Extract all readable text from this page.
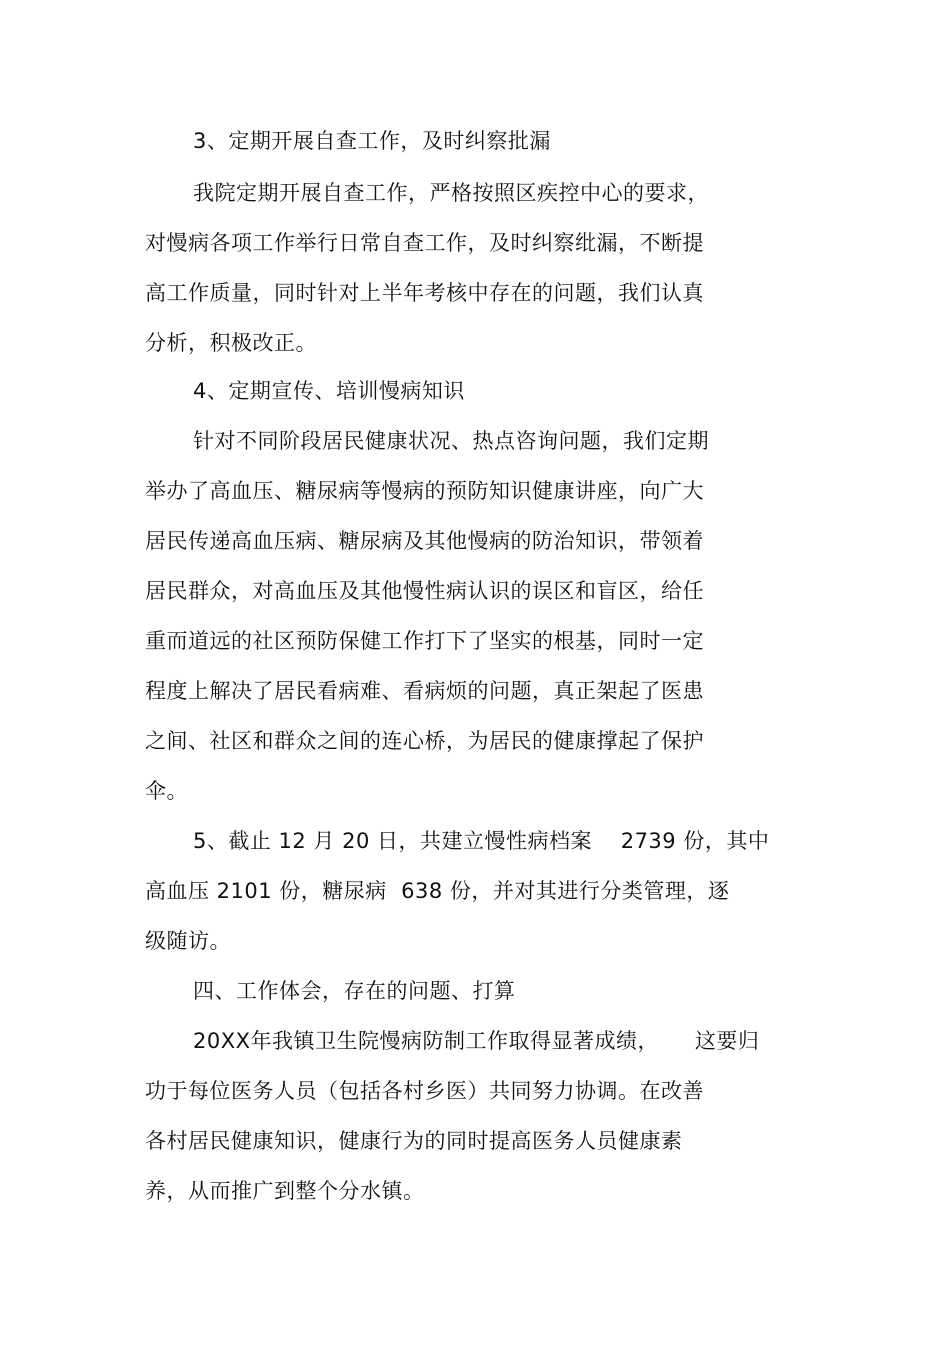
3、定期开展自查工作，及时纠察批漏
我院定期开展自查工作，严格按照区疾控中心的要求，
对慢病各项工作举行日常自查工作，及时纠察纰漏，不断提
高工作质量，同时针对上半年考核中存在的问题，我们认真
分析，积极改正。
4、定期宣传、培训慢病知识
针对不同阶段居民健康状况、热点咨询问题，我们定期
举办了高血压、糖尿病等慢病的预防知识健康讲座，向广大
居民传递高血压病、糖尿病及其他慢病的防治知识，带领着
居民群众，对高血压及其他慢性病认识的误区和盲区，给任
重而道远的社区预防保健工作打下了坚实的根基，同时一定
程度上解决了居民看病难、看病烦的问题，真正架起了医患
之间、社区和群众之间的连心桥，为居民的健康撑起了保护
伞。
5、截止 12 月 20 日，共建立慢性病档案    2739 份，其中
高血压 2101 份，糖尿病  638 份，并对其进行分类管理，逐
级随访。
四、工作体会，存在的问题、打算
20XX年我镇卫生院慢病防制工作取得显著成绩，     这要归
功于每位医务人员（包括各村乡医）共同努力协调。在改善
各村居民健康知识，健康行为的同时提高医务人员健康素
养，从而推广到整个分水镇。
